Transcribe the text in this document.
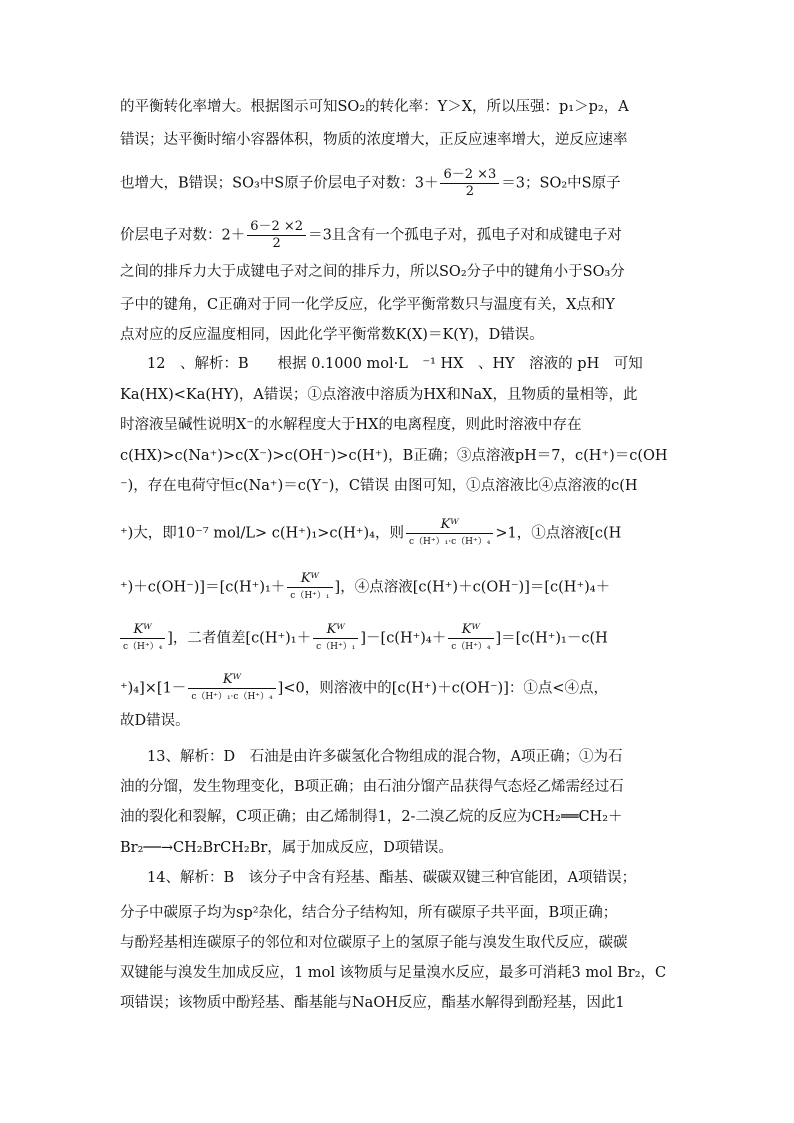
的平衡转化率增大。根据图示可知SO₂的转化率：Y＞X，所以压强：p₁＞p₂，A
错误；达平衡时缩小容器体积，物质的浓度增大，正反应速率增大，逆反应速率
也增大，B错误；SO₃中S原子价层电子对数：$3+ \frac{6-2 \times 3}{2} =3$；SO₂中S原子
价层电子对数：$2+ \frac{6-2 \times 2}{2} =3$且含有一个孤电子对，孤电子对和成键电子对
之间的排斥力大于成键电子对之间的排斥力，所以SO₂分子中的键角小于SO₃分
子中的键角，C正确对于同一化学反应，化学平衡常数只与温度有关，X点和Y
点对应的反应温度相同，因此化学平衡常数K(X)＝K(Y)，D错误。
12　、解析：B　　根据 0.1000 mol·L　⁻¹ HX　、HY　溶液的 pH　可知
Ka(HX)<Ka(HY)，A错误；①点溶液中溶质为HX和NaX，且物质的量相等，此
时溶液呈碱性说明X⁻的水解程度大于HX的电离程度，则此时溶液中存在
c(HX)>c(Na⁺)>c(X⁻)>c(OH⁻)>c(H⁺)，B正确；③点溶液pH＝7，c(H⁺)＝c(OH
⁻)，存在电荷守恒c(Na⁺)＝c(Y⁻)，C错误 由图可知，①点溶液比④点溶液的c(H
⁺)大，即10⁻⁷ mol/L> c(H⁺)₁>c(H⁺)₄，则
Kᵂ
c（H⁺）₁·c（H⁺）₄
>1，①点溶液[c(H
⁺)＋c(OH⁻)]＝[c(H⁺)₁＋
Kᵂ
c（H⁺）₁
]，④点溶液[c(H⁺)＋c(OH⁻)]＝[c(H⁺)₄＋
Kᵂ
c（H⁺）₄
]，二者值差[c(H⁺)₁＋
Kᵂ
c（H⁺）₁
]－[c(H⁺)₄＋
Kᵂ
c（H⁺）₄
]＝[c(H⁺)₁－c(H
⁺)₄]×[1－
Kᵂ
c（H⁺）₁·c（H⁺）₄
]<0，则溶液中的[c(H⁺)＋c(OH⁻)]：①点<④点，
故D错误。
13、解析：D　石油是由许多碳氢化合物组成的混合物，A项正确；①为石
油的分馏，发生物理变化，B项正确；由石油分馏产品获得气态烃乙烯需经过石
油的裂化和裂解，C项正确；由乙烯制得1，2-二溴乙烷的反应为CH₂══CH₂＋
Br₂──→CH₂BrCH₂Br，属于加成反应，D项错误。
14、解析：B　该分子中含有羟基、酯基、碳碳双键三种官能团，A项错误；
分子中碳原子均为sp²杂化，结合分子结构知，所有碳原子共平面，B项正确；
与酚羟基相连碳原子的邻位和对位碳原子上的氢原子能与溴发生取代反应，碳碳
双键能与溴发生加成反应，1 mol 该物质与足量溴水反应，最多可消耗3 mol Br₂，C
项错误；该物质中酚羟基、酯基能与NaOH反应，酯基水解得到酚羟基，因此1
